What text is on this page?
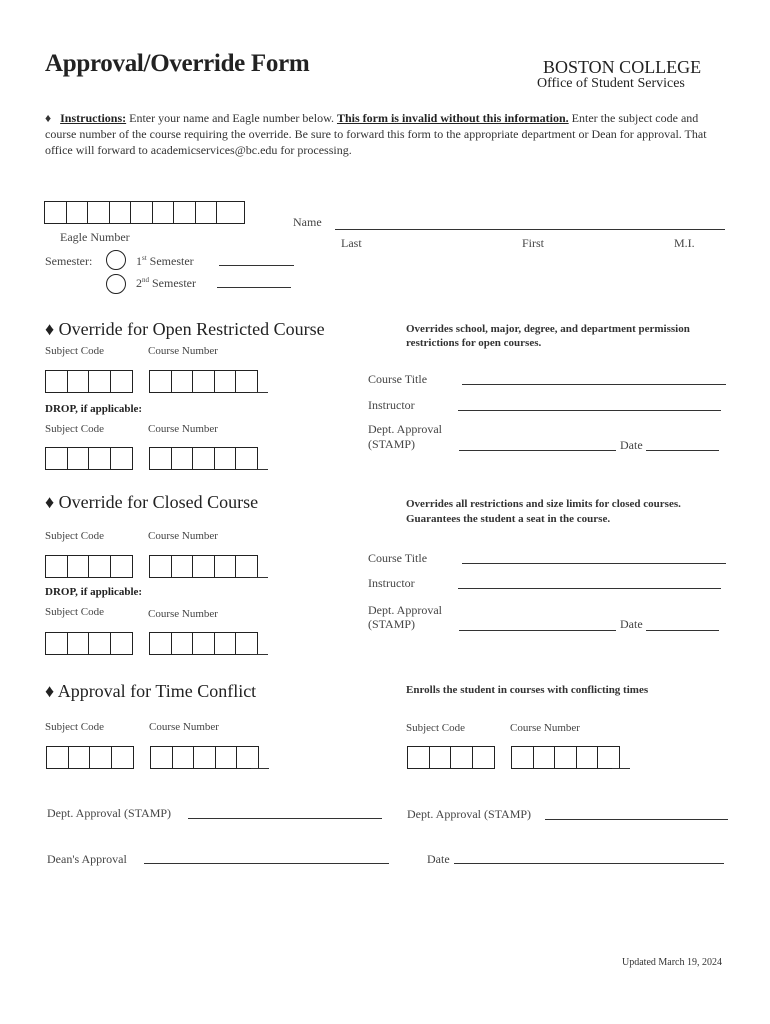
Approval/Override Form	BOSTON COLLEGE
Office of Student Services
♦ Instructions: Enter your name and Eagle number below. This form is invalid without this information. Enter the subject code and course number of the course requiring the override. Be sure to forward this form to the appropriate department or Dean for approval. That office will forward to academicservices@bc.edu for processing.
Eagle Number
Name
Last	First	M.I.
Semester:	1st Semester
2nd Semester
♦ Override for Open Restricted Course	Overrides school, major, degree, and department permission restrictions for open courses.
Subject Code	Course Number
DROP, if applicable:
Subject Code	Course Number
Course Title
Instructor
Dept. Approval
(STAMP)	Date
♦ Override for Closed Course	Overrides all restrictions and size limits for closed courses.
Guarantees the student a seat in the course.
Subject Code	Course Number
DROP, if applicable:
Subject Code	Course Number
Course Title
Instructor
Dept. Approval
(STAMP)	Date
♦ Approval for Time Conflict	Enrolls the student in courses with conflicting times
Subject Code	Course Number	Subject Code	Course Number
Dept. Approval (STAMP)	Dept. Approval (STAMP)
Dean's Approval	Date
Updated March 19, 2024
